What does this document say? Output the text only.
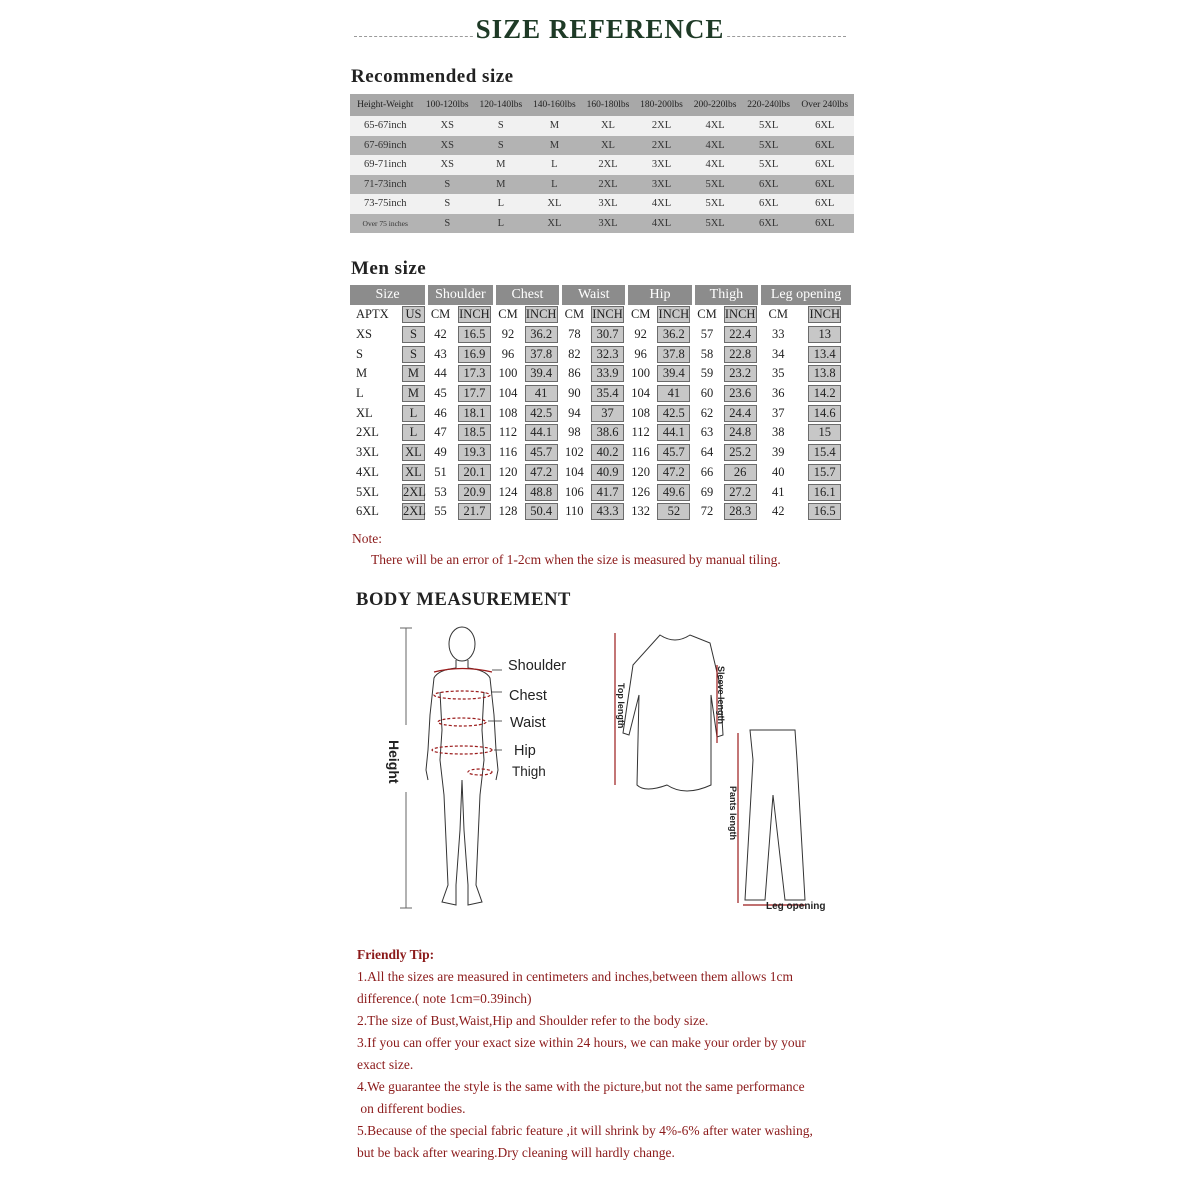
SIZE REFERENCE
Recommended size
Height-Weight	100-120lbs	120-140lbs	140-160lbs	160-180lbs	180-200lbs	200-220lbs	220-240lbs	Over 240lbs
65-67inch	XS	S	M	XL	2XL	4XL	5XL	6XL
67-69inch	XS	S	M	XL	2XL	4XL	5XL	6XL
69-71inch	XS	M	L	2XL	3XL	4XL	5XL	6XL
71-73inch	S	M	L	2XL	3XL	5XL	6XL	6XL
73-75inch	S	L	XL	3XL	4XL	5XL	6XL	6XL
Over 75 inches	S	L	XL	3XL	4XL	5XL	6XL	6XL
Men size
Size		Shoulder		Chest		Waist		Hip		Thigh		Leg opening	
APTX	US	CM	INCH	CM	INCH	CM	INCH	CM	INCH	CM	INCH	CM	INCH
XS	S	42	16.5	92	36.2	78	30.7	92	36.2	57	22.4	33	13
S	S	43	16.9	96	37.8	82	32.3	96	37.8	58	22.8	34	13.4
M	M	44	17.3	100	39.4	86	33.9	100	39.4	59	23.2	35	13.8
L	M	45	17.7	104	41	90	35.4	104	41	60	23.6	36	14.2
XL	L	46	18.1	108	42.5	94	37	108	42.5	62	24.4	37	14.6
2XL	L	47	18.5	112	44.1	98	38.6	112	44.1	63	24.8	38	15
3XL	XL	49	19.3	116	45.7	102	40.2	116	45.7	64	25.2	39	15.4
4XL	XL	51	20.1	120	47.2	104	40.9	120	47.2	66	26	40	15.7
5XL	2XL	53	20.9	124	48.8	106	41.7	126	49.6	69	27.2	41	16.1
6XL	2XL	55	21.7	128	50.4	110	43.3	132	52	72	28.3	42	16.5
Note:
There will be an error of 1-2cm when the size is measured by manual tiling.
BODY MEASUREMENT
Height
Shoulder
Chest
Waist
Hip
Thigh
Top length	Sleeve length
Pants length
Leg opening

Friendly Tip:

1.All the sizes are measured in centimeters and inches,between them allows 1cm

difference.( note 1cm=0.39inch)

2.The size of Bust,Waist,Hip and Shoulder refer to the body size.

3.If you can offer your exact size within 24 hours, we can make your order by your

exact size.

4.We guarantee the style is the same with the picture,but not the same performance

on different bodies.

5.Because of the special fabric feature ,it will shrink by 4%-6% after water washing,

but be back after wearing.Dry cleaning will hardly change.
